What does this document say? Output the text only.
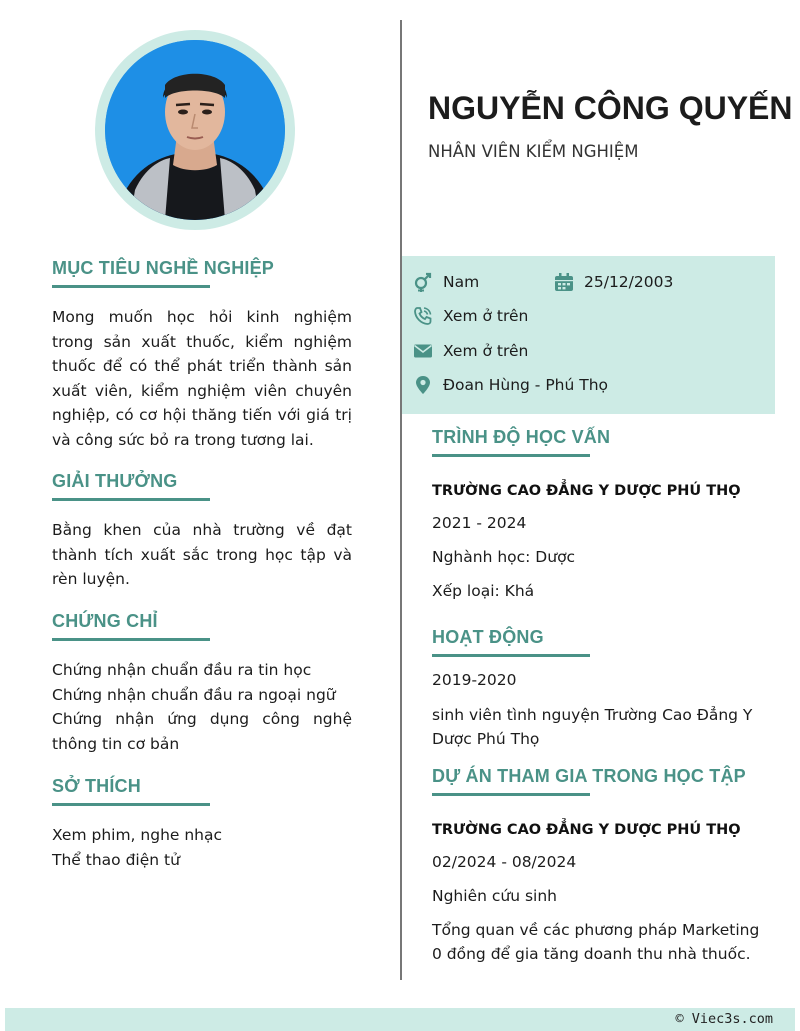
MỤC TIÊU NGHỀ NGHIỆP
Mong muốn học hỏi kinh nghiệm trong sản xuất thuốc, kiểm nghiệm thuốc để có thể phát triển thành sản xuất viên, kiểm nghiệm viên chuyên nghiệp, có cơ hội thăng tiến với giá trị và công sức bỏ ra trong tương lai.
GIẢI THƯỞNG
Bằng khen của nhà trường về đạt thành tích xuất sắc trong học tập và rèn luyện.
CHỨNG CHỈ
Chứng nhận chuẩn đầu ra tin học
Chứng nhận chuẩn đầu ra ngoại ngữ
Chứng nhận ứng dụng công nghệ thông tin cơ bản
SỞ THÍCH
Xem phim, nghe nhạc
Thể thao điện tử
NGUYỄN CÔNG QUYẾN
NHÂN VIÊN KIỂM NGHIỆM
Nam	25/12/2003
Xem ở trên
Xem ở trên
Đoan Hùng - Phú Thọ
TRÌNH ĐỘ HỌC VẤN
TRƯỜNG CAO ĐẲNG Y DƯỢC PHÚ THỌ
2021 - 2024
Nghành học: Dược
Xếp loại: Khá
HOẠT ĐỘNG
2019-2020
sinh viên tình nguyện Trường Cao Đẳng Y Dược Phú Thọ
DỰ ÁN THAM GIA TRONG HỌC TẬP
TRƯỜNG CAO ĐẲNG Y DƯỢC PHÚ THỌ
02/2024 - 08/2024
Nghiên cứu sinh
Tổng quan về các phương pháp Marketing 0 đồng để gia tăng doanh thu nhà thuốc.
© Viec3s.com
